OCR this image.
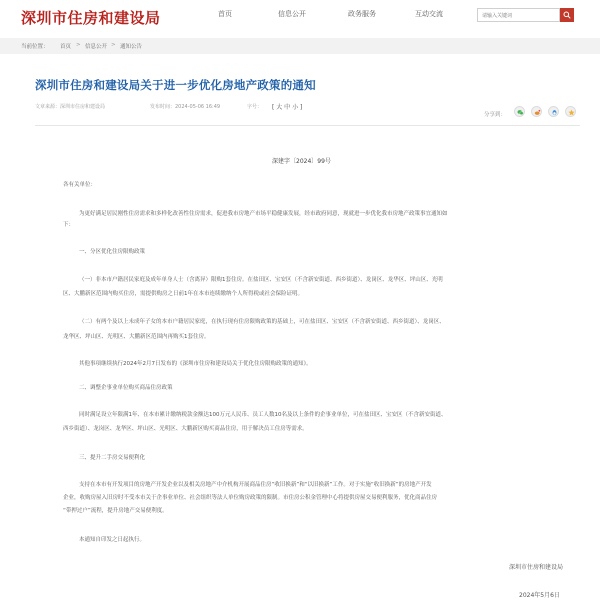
深圳市住房和建设局	首页	信息公开	政务服务	互动交流
请输入关键词
当前位置： 首页 > 信息公开 > 通知公告
深圳市住房和建设局关于进一步优化房地产政策的通知
文章来源：深圳市住房和建设局	发布时间：2024-05-06 16:49	字号： [ 大 中 小 ]
分享到：
深建字〔2024〕99号
各有关单位：
为更好满足居民刚性住房需求和多样化改善性住房需求，促进我市房地产市场平稳健康发展，经市政府同意，现就进一步优化我市房地产政策事宜通知如
下：
一、分区优化住房限购政策
（一）非本市户籍居民家庭及成年单身人士（含离异）限购1套住房。在盐田区、宝安区（不含新安街道、西乡街道）、龙岗区、龙华区、坪山区、光明
区、大鹏新区范围内购买住房，需提供购房之日前1年在本市连续缴纳个人所得税或社会保险证明。
（二）有两个及以上未成年子女的本市户籍居民家庭，在执行现有住房限购政策的基础上，可在盐田区、宝安区（不含新安街道、西乡街道）、龙岗区、
龙华区、坪山区、光明区、大鹏新区范围内再购买1套住房。
其他事项继续执行2024年2月7日发布的《深圳市住房和建设局关于优化住房限购政策的通知》。
二、调整企事业单位购买商品住房政策
同时满足设立年限满1年、在本市累计缴纳税款金额达100万元人民币、员工人数10名及以上条件的企事业单位，可在盐田区、宝安区（不含新安街道、
西乡街道）、龙岗区、龙华区、坪山区、光明区、大鹏新区购买商品住房，用于解决员工住房等需求。
三、提升二手房交易便利化
支持在本市有开发项目的房地产开发企业以及相关房地产中介机构开展商品住房“收旧换新”和“以旧换新”工作。对于实施“收旧换新”的房地产开发
企业，收购房屋入旧房时不受本市关于企事业单位、社会组织等法人单位购房政策的限制。市住房公积金管理中心将提供房屋交易便利服务，优化商品住房
“带押过户”流程，提升房地产交易便利度。
本通知自印发之日起执行。
深圳市住房和建设局
2024年5月6日
